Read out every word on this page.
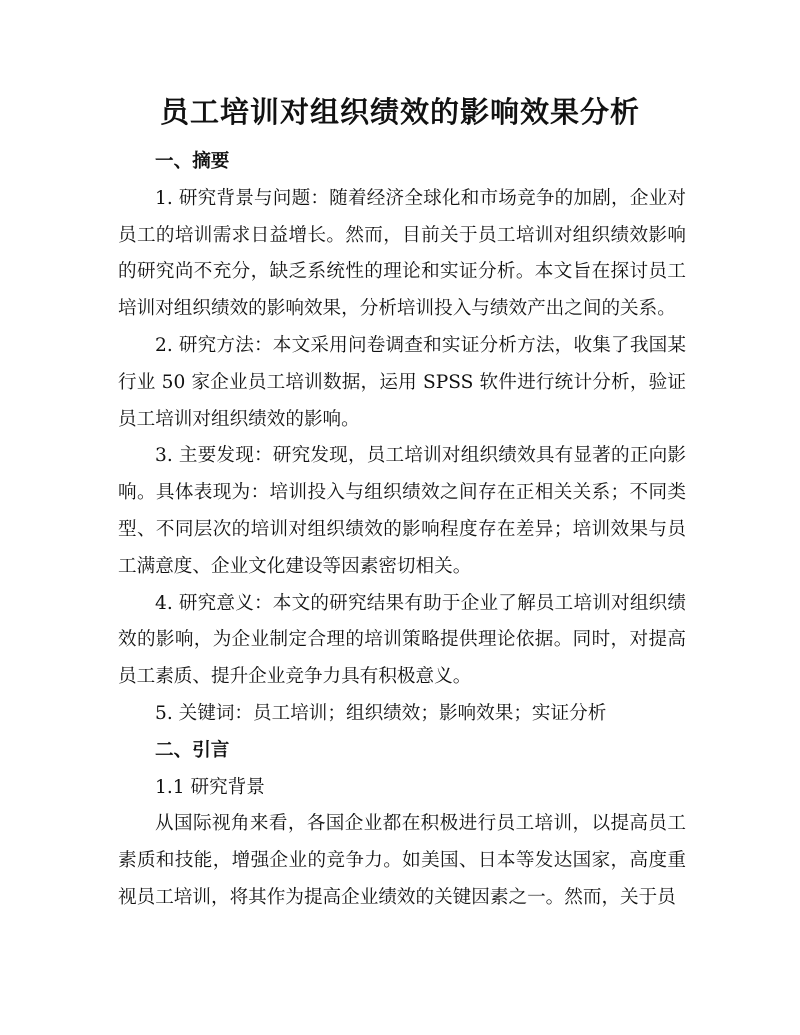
员工培训对组织绩效的影响效果分析
一、摘要

1. 研究背景与问题：随着经济全球化和市场竞争的加剧，企业对员工的培训需求日益增长。然而，目前关于员工培训对组织绩效影响的研究尚不充分，缺乏系统性的理论和实证分析。本文旨在探讨员工培训对组织绩效的影响效果，分析培训投入与绩效产出之间的关系。

2. 研究方法：本文采用问卷调查和实证分析方法，收集了我国某行业 50 家企业员工培训数据，运用 SPSS 软件进行统计分析，验证员工培训对组织绩效的影响。

3. 主要发现：研究发现，员工培训对组织绩效具有显著的正向影响。具体表现为：培训投入与组织绩效之间存在正相关关系；不同类型、不同层次的培训对组织绩效的影响程度存在差异；培训效果与员工满意度、企业文化建设等因素密切相关。

4. 研究意义：本文的研究结果有助于企业了解员工培训对组织绩效的影响，为企业制定合理的培训策略提供理论依据。同时，对提高员工素质、提升企业竞争力具有积极意义。

5. 关键词：员工培训；组织绩效；影响效果；实证分析

二、引言

1.1 研究背景

从国际视角来看，各国企业都在积极进行员工培训，以提高员工素质和技能，增强企业的竞争力。如美国、日本等发达国家，高度重视员工培训，将其作为提高企业绩效的关键因素之一。然而，关于员
